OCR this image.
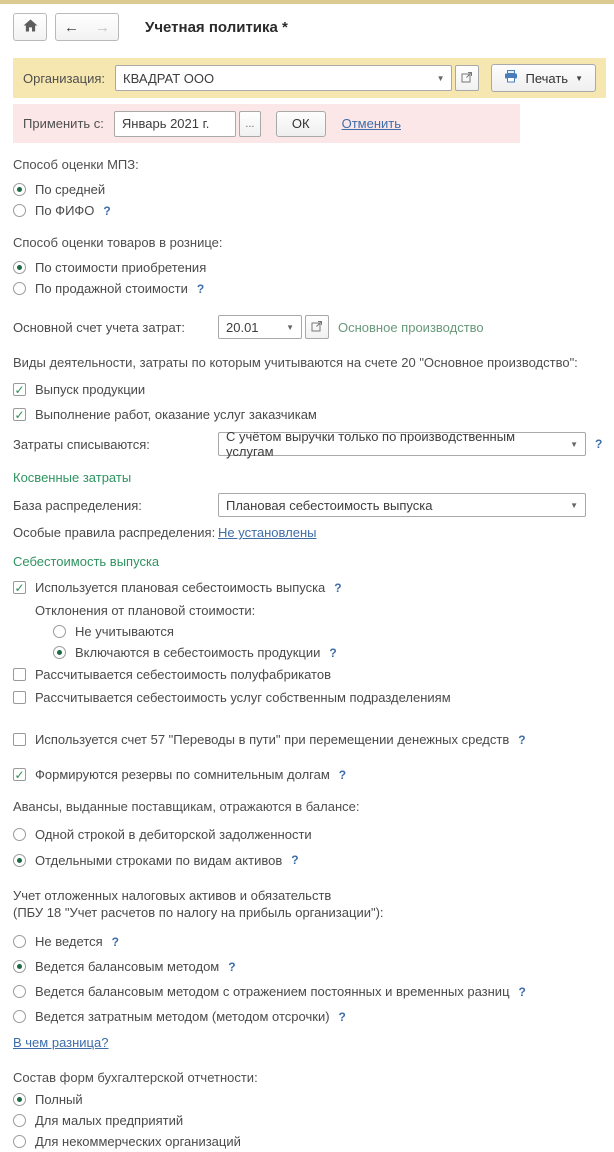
← → Учетная политика *
Организация: КВАДРАТ ООО	▼	Печать ▼
Применить с: Январь 2021 г.	...	ОК Отменить
Способ оценки МПЗ:
По средней
По ФИФО ?
Способ оценки товаров в рознице:
По стоимости приобретения
По продажной стоимости ?
Основной счет учета затрат:	20.01	▼	Основное производство
Виды деятельности, затраты по которым учитываются на счете 20 "Основное производство":
✓ Выпуск продукции
✓ Выполнение работ, оказание услуг заказчикам
Затраты списываются:	С учётом выручки только по производственным услугам	▼ ?
Косвенные затраты
База распределения:	Плановая себестоимость выпуска	▼
Особые правила распределения: Не установлены
Себестоимость выпуска
✓ Используется плановая себестоимость выпуска ?
Отклонения от плановой стоимости:
Не учитываются
Включаются в себестоимость продукции ?
Рассчитывается себестоимость полуфабрикатов
Рассчитывается себестоимость услуг собственным подразделениям
Используется счет 57 "Переводы в пути" при перемещении денежных средств ?
✓ Формируются резервы по сомнительным долгам ?
Авансы, выданные поставщикам, отражаются в балансе:
Одной строкой в дебиторской задолженности
Отдельными строками по видам активов ?
Учет отложенных налоговых активов и обязательств
(ПБУ 18 "Учет расчетов по налогу на прибыль организации"):
Не ведется ?
Ведется балансовым методом ?
Ведется балансовым методом с отражением постоянных и временных разниц ?
Ведется затратным методом (методом отсрочки) ?
В чем разница?
Состав форм бухгалтерской отчетности:
Полный
Для малых предприятий
Для некоммерческих организаций
